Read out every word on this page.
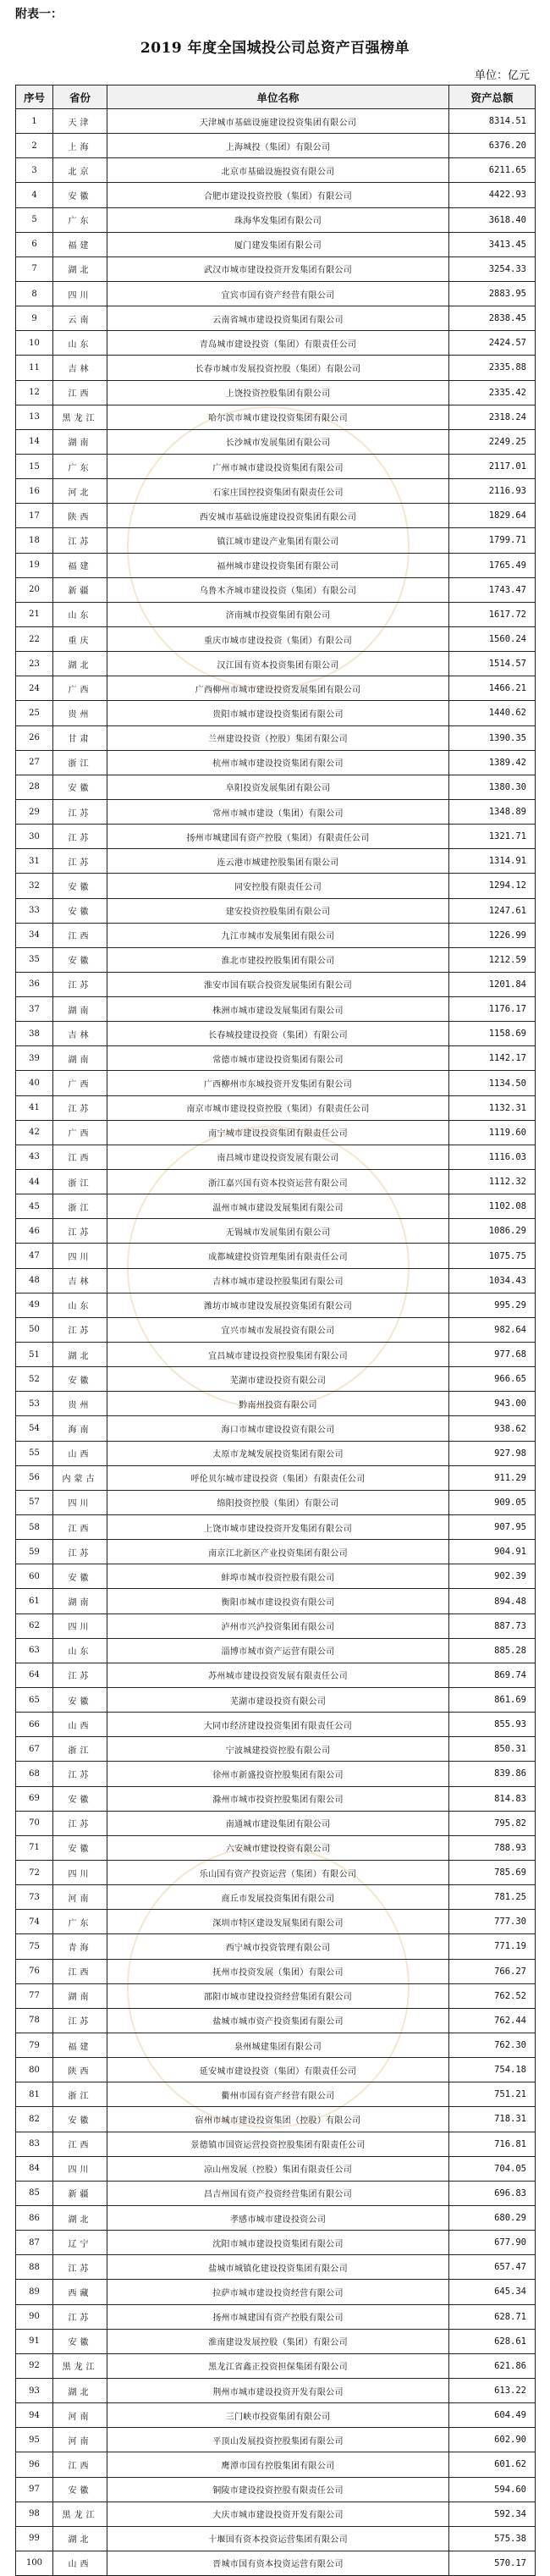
附表一：
2019 年度全国城投公司总资产百强榜单
单位：亿元
序号	省份	单位名称	资产总额
1	天津	天津城市基础设施建设投资集团有限公司	8314.51
2	上海	上海城投（集团）有限公司	6376.20
3	北京	北京市基础设施投资有限公司	6211.65
4	安徽	合肥市建设投资控股（集团）有限公司	4422.93
5	广东	珠海华发集团有限公司	3618.40
6	福建	厦门建发集团有限公司	3413.45
7	湖北	武汉市城市建设投资开发集团有限公司	3254.33
8	四川	宜宾市国有资产经营有限公司	2883.95
9	云南	云南省城市建设投资集团有限公司	2838.45
10	山东	青岛城市建设投资（集团）有限责任公司	2424.57
11	吉林	长春市城市发展投资控股（集团）有限公司	2335.88
12	江西	上饶投资控股集团有限公司	2335.42
13	黑龙江	哈尔滨市城市建设投资集团有限公司	2318.24
14	湖南	长沙城市发展集团有限公司	2249.25
15	广东	广州市城市建设投资集团有限公司	2117.01
16	河北	石家庄国控投资集团有限责任公司	2116.93
17	陕西	西安城市基础设施建设投资集团有限公司	1829.64
18	江苏	镇江城市建设产业集团有限公司	1799.71
19	福建	福州城市建设投资集团有限公司	1765.49
20	新疆	乌鲁木齐城市建设投资（集团）有限公司	1743.47
21	山东	济南城市投资集团有限公司	1617.72
22	重庆	重庆市城市建设投资（集团）有限公司	1560.24
23	湖北	汉江国有资本投资集团有限公司	1514.57
24	广西	广西柳州市城市建设投资发展集团有限公司	1466.21
25	贵州	贵阳市城市建设投资集团有限公司	1440.62
26	甘肃	兰州建设投资（控股）集团有限公司	1390.35
27	浙江	杭州市城市建设投资集团有限公司	1389.42
28	安徽	阜阳投资发展集团有限公司	1380.30
29	江苏	常州市城市建设（集团）有限公司	1348.89
30	江苏	扬州市城建国有资产控股（集团）有限责任公司	1321.71
31	江苏	连云港市城建控股集团有限公司	1314.91
32	安徽	同安控股有限责任公司	1294.12
33	安徽	建安投资控股集团有限公司	1247.61
34	江西	九江市城市发展集团有限公司	1226.99
35	安徽	淮北市建投控股集团有限公司	1212.59
36	江苏	淮安市国有联合投资发展集团有限公司	1201.84
37	湖南	株洲市城市建设发展集团有限公司	1176.17
38	吉林	长春城投建设投资（集团）有限公司	1158.69
39	湖南	常德市城市建设投资集团有限公司	1142.17
40	广西	广西柳州市东城投资开发集团有限公司	1134.50
41	江苏	南京市城市建设投资控股（集团）有限责任公司	1132.31
42	广西	南宁城市建设投资集团有限责任公司	1119.60
43	江西	南昌城市建设投资发展有限公司	1116.03
44	浙江	浙江嘉兴国有资本投资运营有限公司	1112.32
45	浙江	温州市城市建设发展集团有限公司	1102.08
46	江苏	无锡城市发展集团有限公司	1086.29
47	四川	成都城建投资管理集团有限责任公司	1075.75
48	吉林	吉林市城市建设控股集团有限公司	1034.43
49	山东	潍坊市城市建设发展投资集团有限公司	995.29
50	江苏	宜兴市城市发展投资有限公司	982.64
51	湖北	宜昌城市建设投资控股集团有限公司	977.68
52	安徽	芜湖市建设投资有限公司	966.65
53	贵州	黔南州投资有限公司	943.00
54	海南	海口市城市建设投资有限公司	938.62
55	山西	太原市龙城发展投资集团有限公司	927.98
56	内蒙古	呼伦贝尔城市建设投资（集团）有限责任公司	911.29
57	四川	绵阳投资控股（集团）有限公司	909.05
58	江西	上饶市城市建设投资开发集团有限公司	907.95
59	江苏	南京江北新区产业投资集团有限公司	904.91
60	安徽	蚌埠市城市投资控股有限公司	902.39
61	湖南	衡阳市城市建设投资有限公司	894.48
62	四川	泸州市兴泸投资集团有限公司	887.73
63	山东	淄博市城市资产运营有限公司	885.28
64	江苏	苏州城市建设投资发展有限责任公司	869.74
65	安徽	芜湖市建设投资有限公司	861.69
66	山西	大同市经济建设投资集团有限责任公司	855.93
67	浙江	宁波城建投资控股有限公司	850.31
68	江苏	徐州市新盛投资控股集团有限公司	839.86
69	安徽	滁州市城市投资控股集团有限公司	814.83
70	江苏	南通城市建设集团有限公司	795.82
71	安徽	六安城市建设投资有限公司	788.93
72	四川	乐山国有资产投资运营（集团）有限公司	785.69
73	河南	商丘市发展投资集团有限公司	781.25
74	广东	深圳市特区建设发展集团有限公司	777.30
75	青海	西宁城市投资管理有限公司	771.19
76	江西	抚州市投资发展（集团）有限公司	766.27
77	湖南	邵阳市城市建设投资经营集团有限公司	762.52
78	江苏	盐城市城市资产投资集团有限公司	762.44
79	福建	泉州城建集团有限公司	762.30
80	陕西	延安城市建设投资（集团）有限责任公司	754.18
81	浙江	衢州市国有资产经营有限公司	751.21
82	安徽	宿州市城市建设投资集团（控股）有限公司	718.31
83	江西	景德镇市国资运营投资控股集团有限责任公司	716.81
84	四川	凉山州发展（控股）集团有限责任公司	704.05
85	新疆	昌吉州国有资产投资经营集团有限公司	696.83
86	湖北	孝感市城市建设投资公司	680.29
87	辽宁	沈阳市城市建设投资集团有限公司	677.90
88	江苏	盐城市城镇化建设投资集团有限公司	657.47
89	西藏	拉萨市城市建设投资经营有限公司	645.34
90	江苏	扬州市城建国有资产控股有限公司	628.71
91	安徽	淮南建设发展控股（集团）有限公司	628.61
92	黑龙江	黑龙江省鑫正投资担保集团有限公司	621.86
93	湖北	荆州市城市建设投资开发有限公司	613.22
94	河南	三门峡市投资集团有限公司	604.49
95	河南	平顶山发展投资控股集团有限公司	602.90
96	江西	鹰潭市国有控股集团有限公司	601.62
97	安徽	铜陵市建设投资控股有限责任公司	594.60
98	黑龙江	大庆市城市建设投资开发有限公司	592.34
99	湖北	十堰国有资本投资运营集团有限公司	575.38
100	山西	晋城市国有资本投资运营有限公司	570.17
